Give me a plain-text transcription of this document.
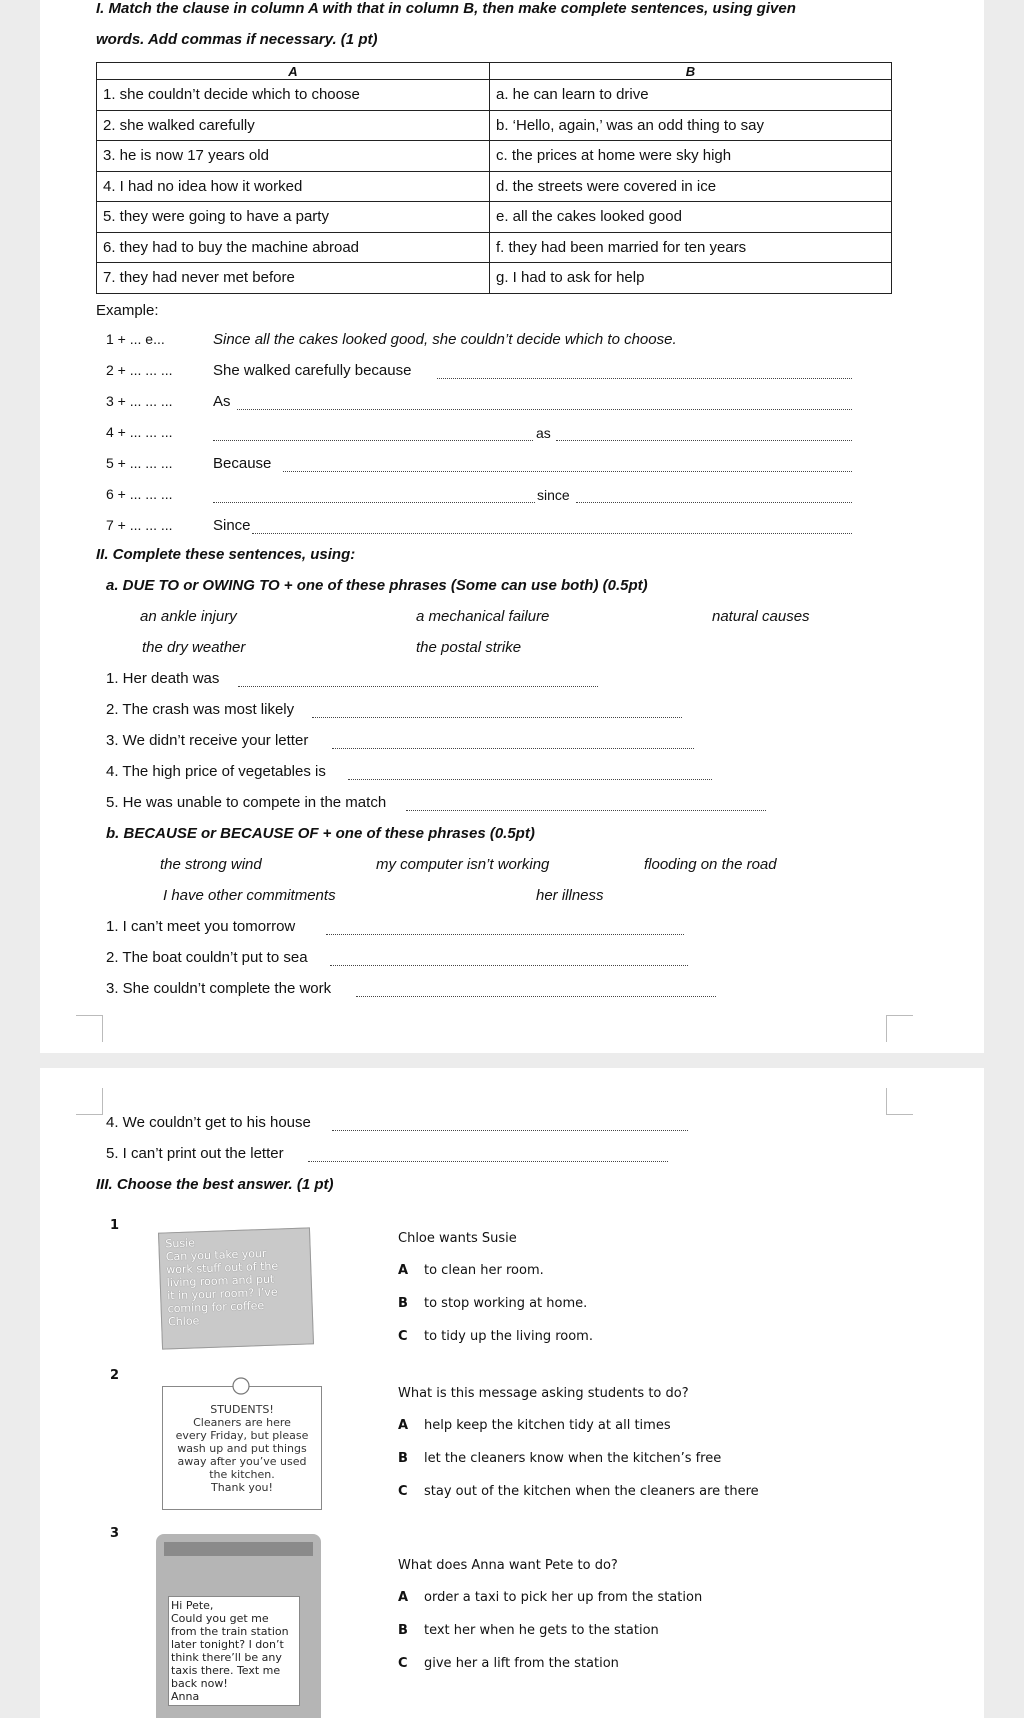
I. Match the clause in column A with that in column B, then make complete sentences, using given
words. Add commas if necessary. (1 pt)
A	B
1. she couldn’t decide which to choose	a. he can learn to drive
2. she walked carefully	b. ‘Hello, again,’ was an odd thing to say
3. he is now 17 years old	c. the prices at home were sky high
4. I had no idea how it worked	d. the streets were covered in ice
5. they were going to have a party	e. all the cakes looked good
6. they had to buy the machine abroad	f. they had been married for ten years
7. they had never met before	g. I had to ask for help
Example:
1 + ... e...	Since all the cakes looked good, she couldn’t decide which to choose.
2 + ... ... ...	She walked carefully because
3 + ... ... ...	As
4 + ... ... ...	as
5 + ... ... ...	Because
6 + ... ... ...	since
7 + ... ... ...	Since
II. Complete these sentences, using:
a. DUE TO or OWING TO + one of these phrases (Some can use both) (0.5pt)
an ankle injury	a mechanical failure	natural causes
the dry weather	the postal strike
1. Her death was
2. The crash was most likely
3. We didn’t receive your letter
4. The high price of vegetables is
5. He was unable to compete in the match
b. BECAUSE or BECAUSE OF + one of these phrases (0.5pt)
the strong wind	my computer isn’t working	flooding on the road
I have other commitments	her illness
1. I can’t meet you tomorrow
2. The boat couldn’t put to sea
3. She couldn’t complete the work
4. We couldn’t get to his house
5. I can’t print out the letter
III. Choose the best answer. (1 pt)
1
Susie
Can you take your
work stuff out of the
living room and put
it in your room? I’ve
coming for coffee
Chloe
Chloe wants Susie
A to clean her room.
B to stop working at home.
C to tidy up the living room.
2
STUDENTS!
Cleaners are here
every Friday, but please
wash up and put things
away after you’ve used
the kitchen.
Thank you!
What is this message asking students to do?
A help keep the kitchen tidy at all times
B let the cleaners know when the kitchen’s free
C stay out of the kitchen when the cleaners are there
3
Hi Pete,
Could you get me
from the train station
later tonight? I don’t
think there’ll be any
taxis there. Text me
back now!
Anna
What does Anna want Pete to do?
A order a taxi to pick her up from the station
B text her when he gets to the station
C give her a lift from the station
